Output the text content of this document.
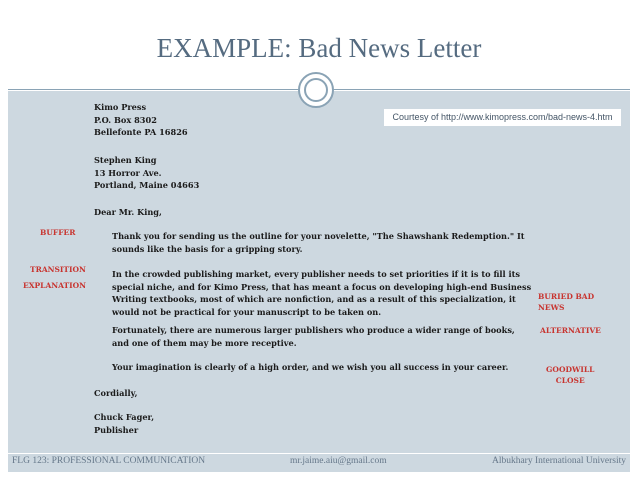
EXAMPLE: Bad News Letter
Courtesy of http://www.kimopress.com/bad-news-4.htm
Kimo Press
P.O. Box 8302
Bellefonte PA 16826
Stephen King
13 Horror Ave.
Portland, Maine 04663
Dear Mr. King,
Thank you for sending us the outline for your novelette, "The Shawshank Redemption." It sounds like the basis for a gripping story.
In the crowded publishing market, every publisher needs to set priorities if it is to fill its special niche, and for Kimo Press, that has meant a focus on developing high-end Business Writing textbooks, most of which are nonfiction, and as a result of this specialization, it would not be practical for your manuscript to be taken on.
Fortunately, there are numerous larger publishers who produce a wider range of books, and one of them may be more receptive.
Your imagination is clearly of a high order, and we wish you all success in your career.
Cordially,
Chuck Fager,
Publisher
BUFFER
TRANSITION
EXPLANATION
BURIED BAD
NEWS
ALTERNATIVE
GOODWILL
CLOSE
FLG 123: PROFESSIONAL COMMUNICATION	mr.jaime.aiu@gmail.com	Albukhary International University
